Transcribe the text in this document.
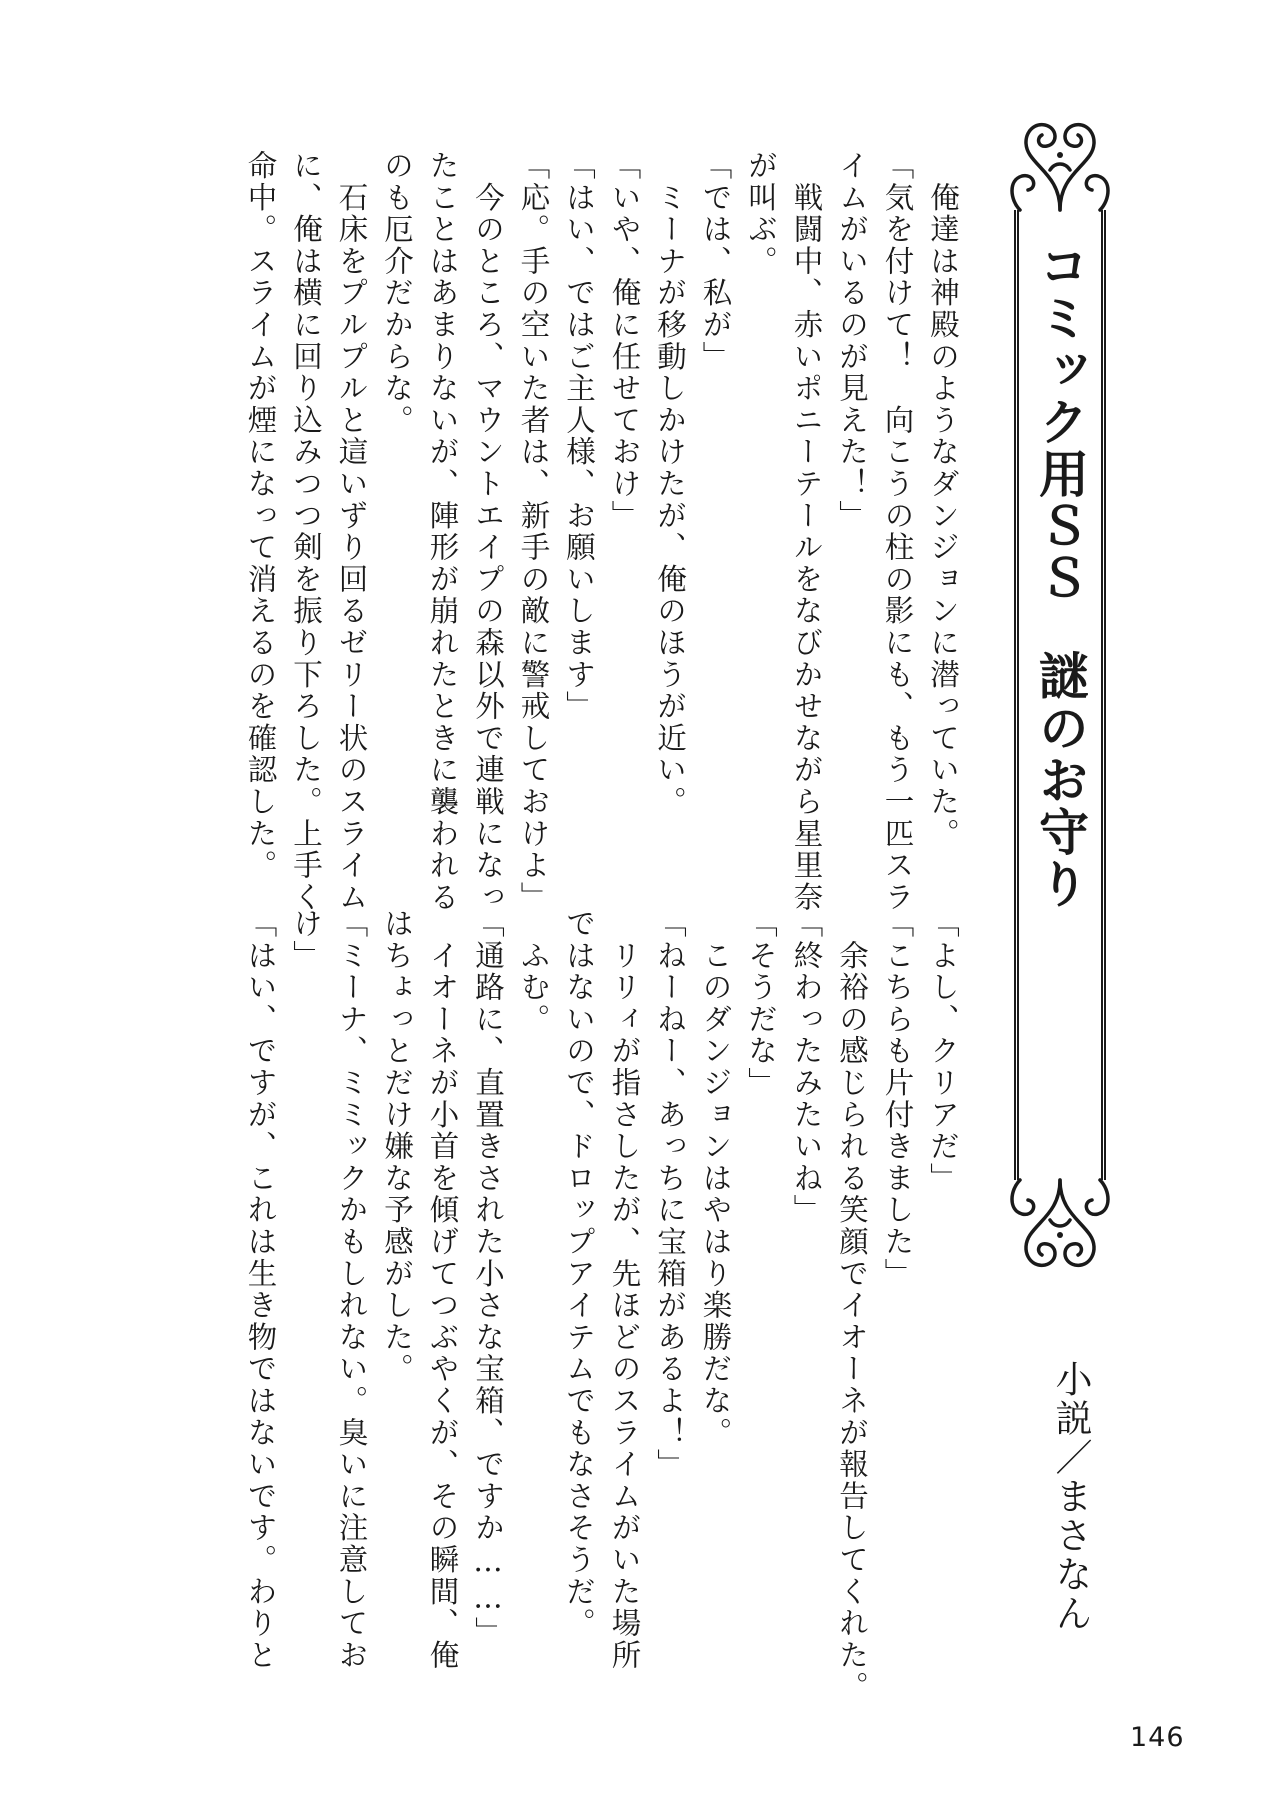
コミック用ＳＳ謎のお守り
小説／まさなん
　俺達は神殿のようなダンジョンに潜っていた。
「気を付けて！　向こうの柱の影にも、もう一匹スラ
イムがいるのが見えた！」
　戦闘中、赤いポニーテールをなびかせながら星里奈
が叫ぶ。
「では、私が」
　ミーナが移動しかけたが、俺のほうが近い。
「いや、俺に任せておけ」
「はい、ではご主人様、お願いします」
「応。手の空いた者は、新手の敵に警戒しておけよ」
　今のところ、マウントエイプの森以外で連戦になっ
たことはあまりないが、陣形が崩れたときに襲われる
のも厄介だからな。
　石床をプルプルと這いずり回るゼリー状のスライム
に、俺は横に回り込みつつ剣を振り下ろした。上手く
命中。スライムが煙になって消えるのを確認した。
「よし、クリアだ」
「こちらも片付きました」
　余裕の感じられる笑顔でイオーネが報告してくれた。
「終わったみたいね」
「そうだな」
　このダンジョンはやはり楽勝だな。
「ねーねー、あっちに宝箱があるよ！」
　リリィが指さしたが、先ほどのスライムがいた場所
ではないので、ドロップアイテムでもなさそうだ。
　ふむ。
「通路に、直置きされた小さな宝箱、ですか……」
　イオーネが小首を傾げてつぶやくが、その瞬間、俺
はちょっとだけ嫌な予感がした。
「ミーナ、ミミックかもしれない。臭いに注意してお
け」
「はい、ですが、これは生き物ではないです。わりと
146
